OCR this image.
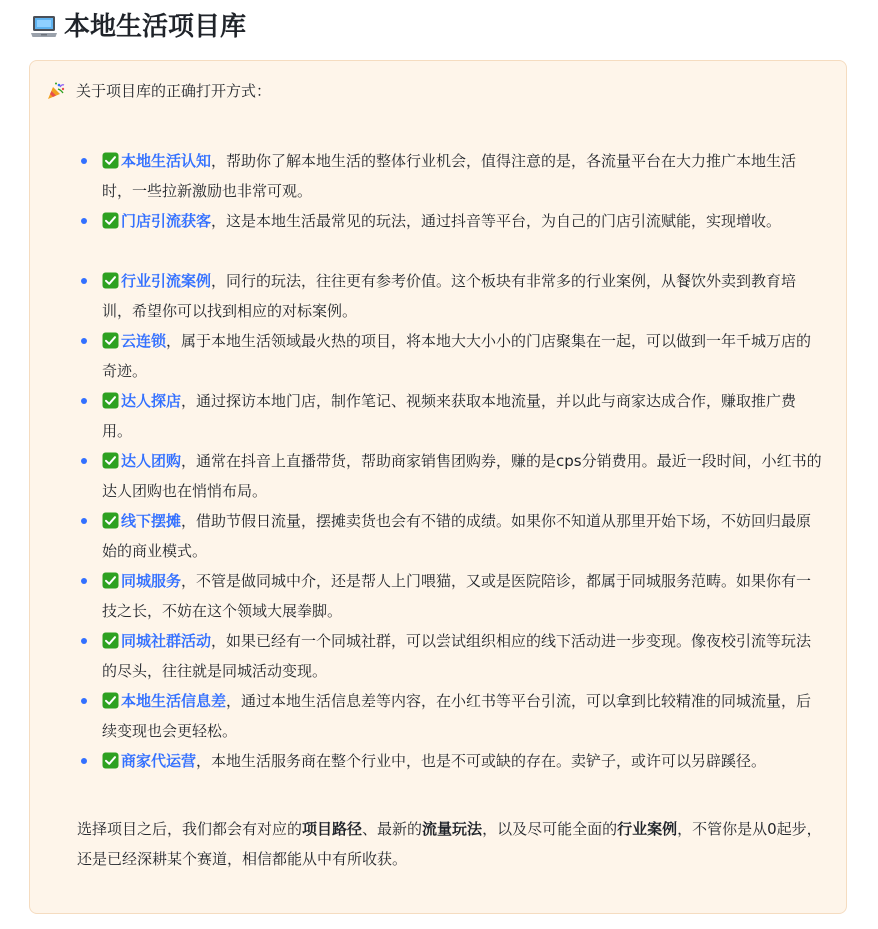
本地生活项目库
关于项目库的正确打开方式：
本地生活认知，帮助你了解本地生活的整体行业机会，值得注意的是，各流量平台在大力推广本地生活时，一些拉新激励也非常可观。
门店引流获客，这是本地生活最常见的玩法，通过抖音等平台，为自己的门店引流赋能，实现增收。
行业引流案例，同行的玩法，往往更有参考价值。这个板块有非常多的行业案例，从餐饮外卖到教育培训，希望你可以找到相应的对标案例。
云连锁，属于本地生活领域最火热的项目，将本地大大小小的门店聚集在一起，可以做到一年千城万店的奇迹。
达人探店，通过探访本地门店，制作笔记、视频来获取本地流量，并以此与商家达成合作，赚取推广费用。
达人团购，通常在抖音上直播带货，帮助商家销售团购券，赚的是cps分销费用。最近一段时间，小红书的达人团购也在悄悄布局。
线下摆摊，借助节假日流量，摆摊卖货也会有不错的成绩。如果你不知道从那里开始下场，不妨回归最原始的商业模式。
同城服务，不管是做同城中介，还是帮人上门喂猫，又或是医院陪诊，都属于同城服务范畴。如果你有一技之长，不妨在这个领域大展拳脚。
同城社群活动，如果已经有一个同城社群，可以尝试组织相应的线下活动进一步变现。像夜校引流等玩法的尽头，往往就是同城活动变现。
本地生活信息差，通过本地生活信息差等内容，在小红书等平台引流，可以拿到比较精准的同城流量，后续变现也会更轻松。
商家代运营，本地生活服务商在整个行业中，也是不可或缺的存在。卖铲子，或许可以另辟蹊径。

选择项目之后，我们都会有对应的项目路径、最新的流量玩法，以及尽可能全面的行业案例，不管你是从0起步，还是已经深耕某个赛道，相信都能从中有所收获。
